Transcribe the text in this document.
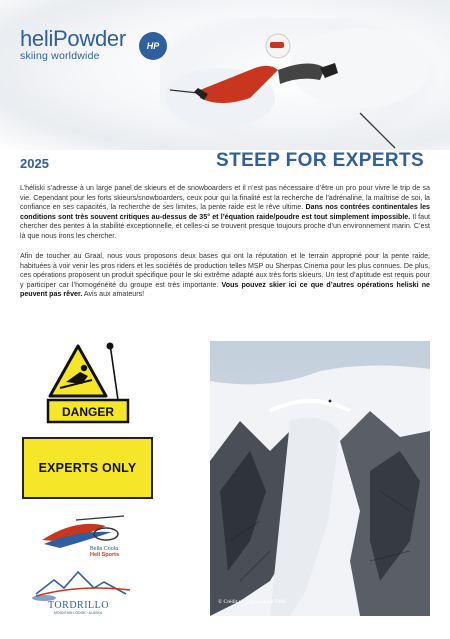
heliPowder
skiing worldwide
HP
2025	STEEP FOR EXPERTS

L’héliski s’adresse à un large panel de skieurs et de snowboarders et il n’est pas nécessaire d’être un pro pour vivre le trip de sa vie. Cependant pour les forts skieurs/snowboarders, ceux pour qui la finalité est la recherche de l’adrénaline, la maîtrise de soi, la confiance en ses capacités, la recherche de ses limites, la pente raide est le rêve ultime. Dans nos contrées continentales les conditions sont très souvent critiques au-dessus de 35° et l’équation raide/poudre est tout simplement impossible. Il faut chercher des pentes à la stabilité exceptionnelle, et celles-ci se trouvent presque toujours proche d’un environnement marin. C’est là que nous irons les chercher.

Afin de toucher au Graal, nous vous proposons deux bases qui ont la réputation et le terrain approprié pour la pente raide, habituées à voir venir les pros riders et les sociétés de production telles MSP ou Sherpas Cinema pour les plus connues. De plus, ces opérations proposent un produit spécifique pour le ski extrême adapté aux très forts skieurs. Un test d’aptitude est requis pour y participer car l’homogénéité du groupe est très importante. Vous pouvez skier ici ce que d’autres opérations heliski ne peuvent pas rêver. Avis aux amateurs!

DANGER
EXPERTS ONLY
Bella Coola
Heli Sports
TORDRILLO
MOUNTAIN LODGE · ALASKA
© Crédit photographique TML
